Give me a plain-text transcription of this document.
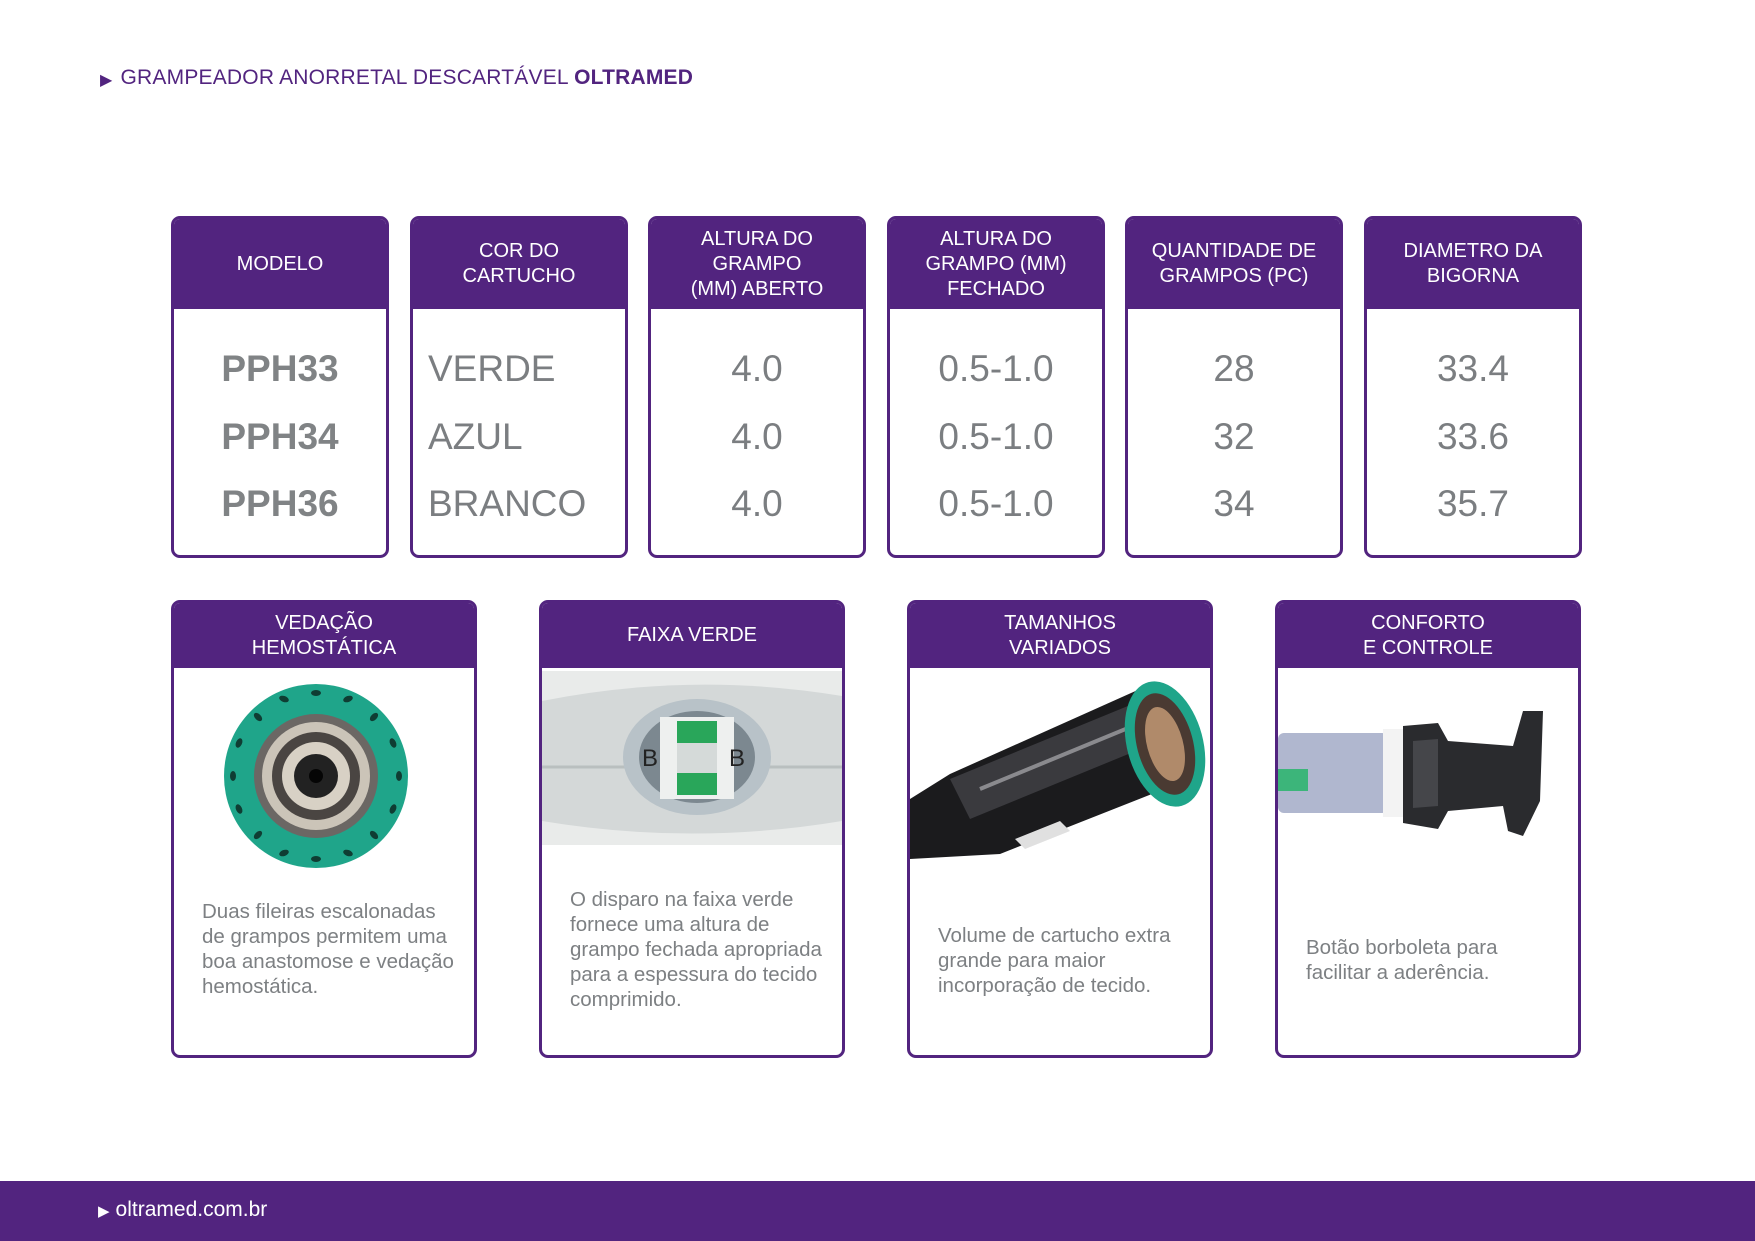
▶ GRAMPEADOR ANORRETAL DESCARTÁVEL OLTRAMED
MODELO
PPH33
PPH34
PPH36
COR DO
CARTUCHO
VERDE
AZUL
BRANCO
ALTURA DO
GRAMPO
(MM) ABERTO
4.0
4.0
4.0
ALTURA DO
GRAMPO (MM)
FECHADO
0.5-1.0
0.5-1.0
0.5-1.0
QUANTIDADE DE
GRAMPOS (PC)
28
32
34
DIAMETRO DA
BIGORNA
33.4
33.6
35.7
VEDAÇÃO
HEMOSTÁTICA
Duas fileiras escalonadas de grampos permitem uma boa anastomose e vedação hemostática.
FAIXA VERDE
B	B
O disparo na faixa verde fornece uma altura de grampo fechada apropriada para a espessura do tecido comprimido.
TAMANHOS
VARIADOS
Volume de cartucho extra grande para maior incorporação de tecido.
CONFORTO
E CONTROLE
Botão borboleta para facilitar a aderência.
▶ oltramed.com.br
